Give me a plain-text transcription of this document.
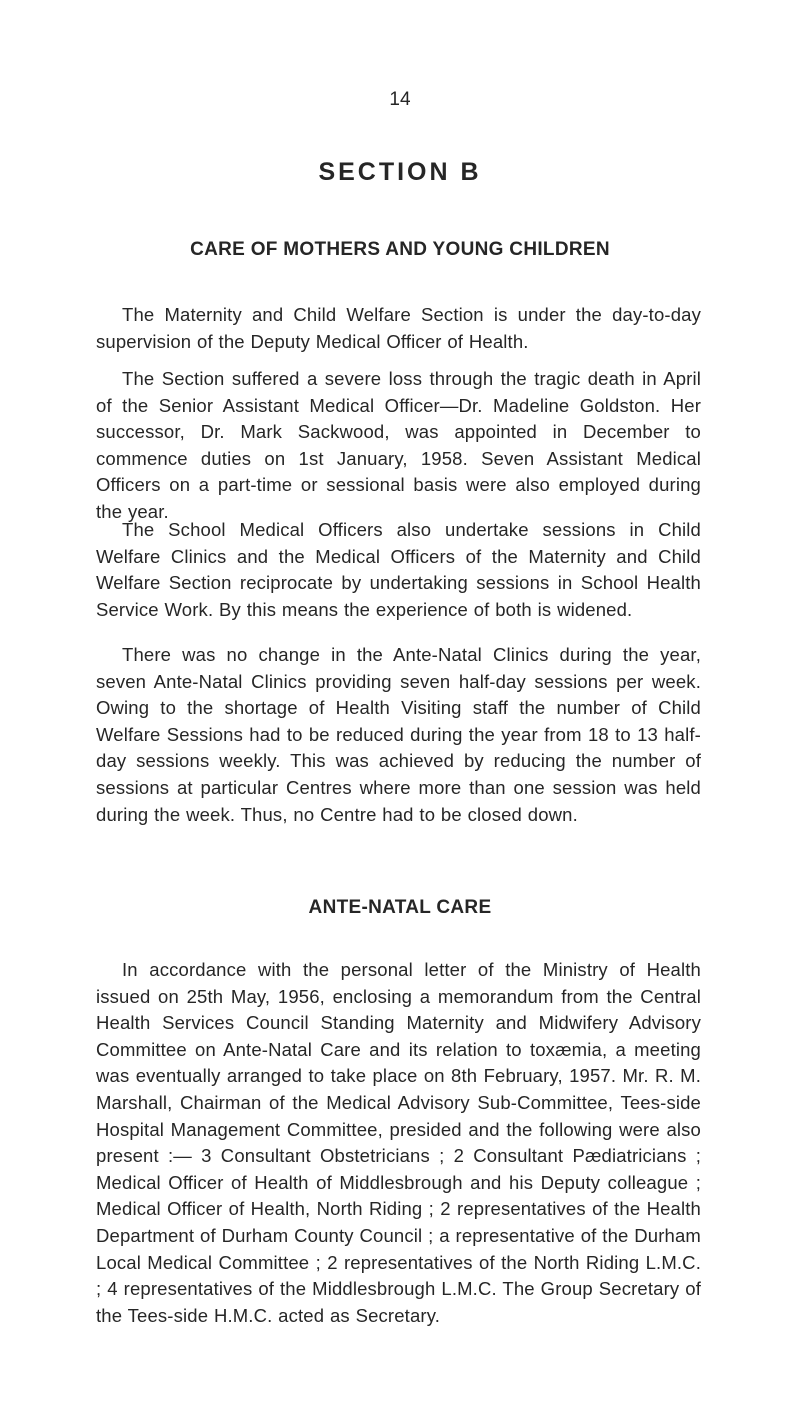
14
SECTION B
CARE OF MOTHERS AND YOUNG CHILDREN

The Maternity and Child Welfare Section is under the day-to-day supervision of the Deputy Medical Officer of Health.

The Section suffered a severe loss through the tragic death in April of the Senior Assistant Medical Officer—Dr. Madeline Goldston. Her successor, Dr. Mark Sackwood, was appointed in December to commence duties on 1st January, 1958. Seven Assistant Medical Officers on a part-time or sessional basis were also employed during the year.

The School Medical Officers also undertake sessions in Child Welfare Clinics and the Medical Officers of the Maternity and Child Welfare Section reciprocate by undertaking sessions in School Health Service Work. By this means the experience of both is widened.

There was no change in the Ante-Natal Clinics during the year, seven Ante-Natal Clinics providing seven half-day sessions per week. Owing to the shortage of Health Visiting staff the number of Child Welfare Sessions had to be reduced during the year from 18 to 13 half-day sessions weekly. This was achieved by reducing the number of sessions at particular Centres where more than one session was held during the week. Thus, no Centre had to be closed down.

ANTE-NATAL CARE

In accordance with the personal letter of the Ministry of Health issued on 25th May, 1956, enclosing a memorandum from the Central Health Services Council Standing Maternity and Midwifery Advisory Committee on Ante-Natal Care and its relation to toxæmia, a meeting was eventually arranged to take place on 8th February, 1957. Mr. R. M. Marshall, Chairman of the Medical Advisory Sub-Committee, Tees-side Hospital Management Committee, presided and the following were also present :— 3 Consultant Obstetricians ; 2 Consultant Pædiatricians ; Medical Officer of Health of Middlesbrough and his Deputy colleague ; Medical Officer of Health, North Riding ; 2 representatives of the Health Department of Durham County Council ; a representative of the Durham Local Medical Committee ; 2 representatives of the North Riding L.M.C. ; 4 representatives of the Middlesbrough L.M.C. The Group Secretary of the Tees-side H.M.C. acted as Secretary.
